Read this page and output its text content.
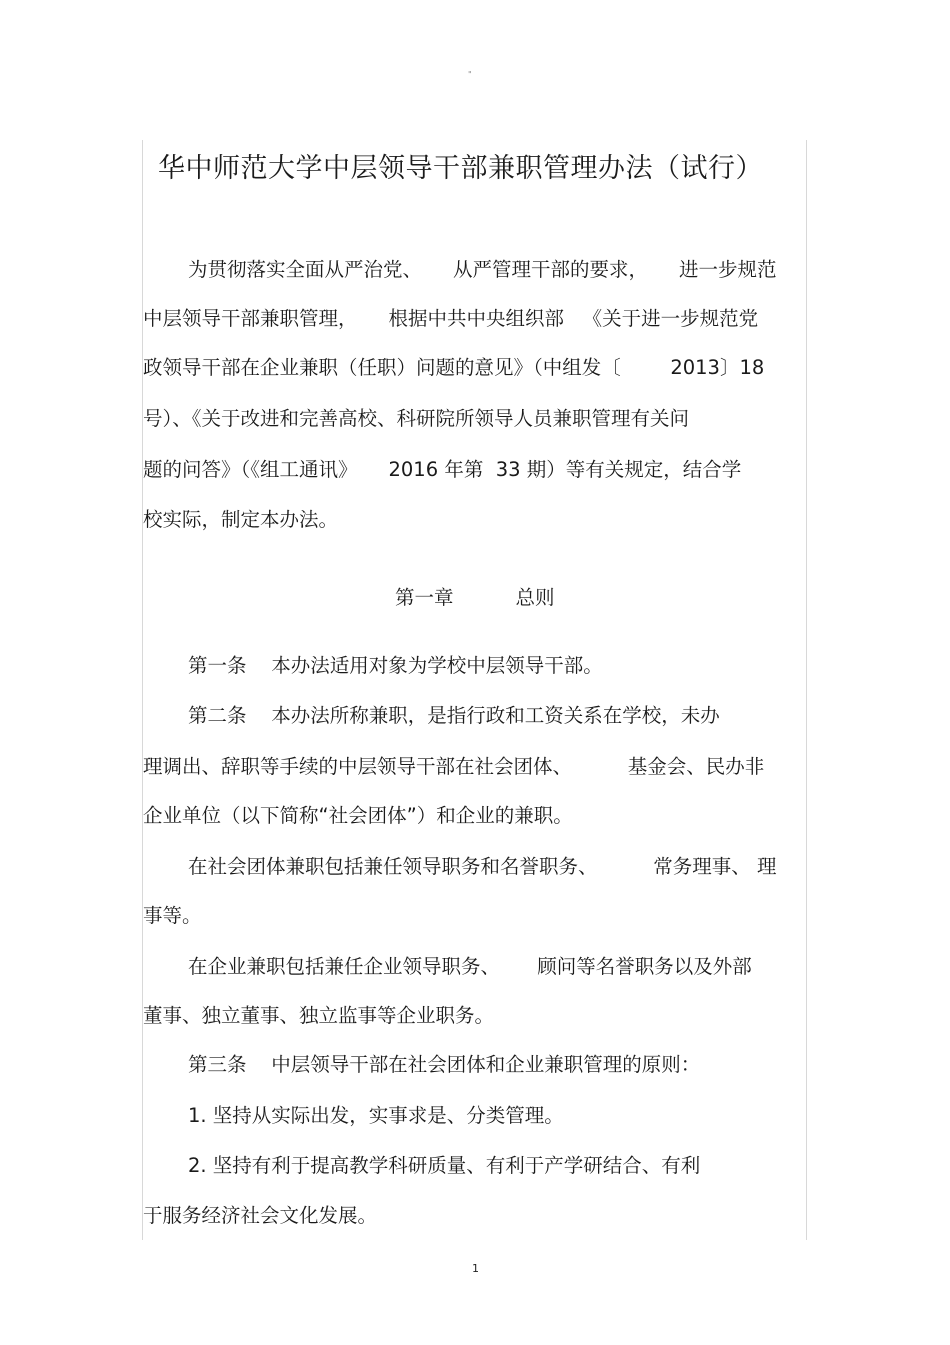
"
华中师范大学中层领导干部兼职管理办法（试行）
为贯彻落实全面从严治党、     从严管理干部的要求，     进一步规范
中层领导干部兼职管理，     根据中共中央组织部   《关于进一步规范党
政领导干部在企业兼职（任职）问题的意见》（中组发〔        2013〕18
号）、《关于改进和完善高校、科研院所领导人员兼职管理有关问
题的问答》（《组工通讯》     2016 年第  33 期）等有关规定，结合学
校实际，制定本办法。
第一章          总则
第一条    本办法适用对象为学校中层领导干部。
第二条    本办法所称兼职，是指行政和工资关系在学校，未办
理调出、辞职等手续的中层领导干部在社会团体、         基金会、民办非
企业单位（以下简称“社会团体”）和企业的兼职。
在社会团体兼职包括兼任领导职务和名誉职务、         常务理事、 理
事等。
在企业兼职包括兼任企业领导职务、      顾问等名誉职务以及外部
董事、独立董事、独立监事等企业职务。
第三条    中层领导干部在社会团体和企业兼职管理的原则：
1. 坚持从实际出发，实事求是、分类管理。
2. 坚持有利于提高教学科研质量、有利于产学研结合、有利
于服务经济社会文化发展。
1
